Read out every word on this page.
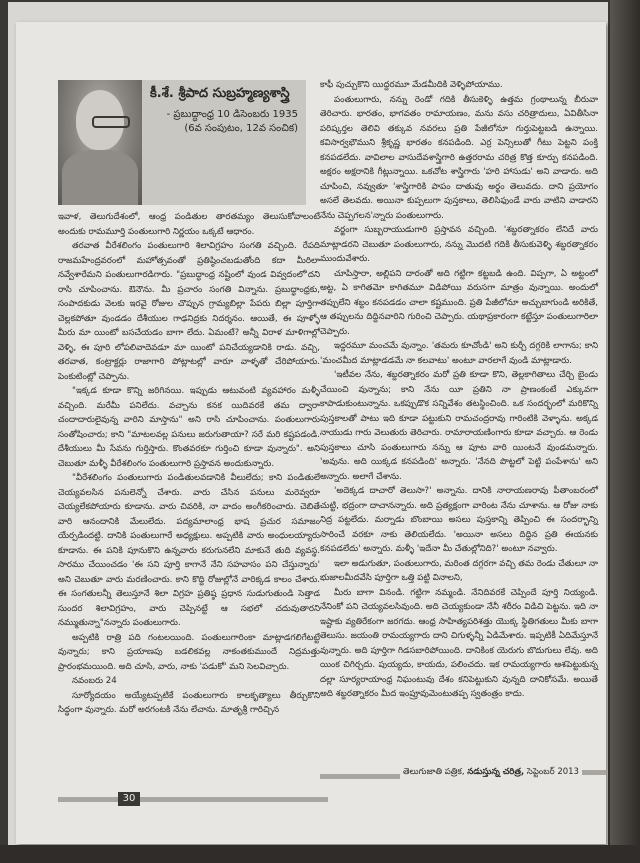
కీ.శే. శ్రీపాద సుబ్రహ్మణ్యశాస్త్రి
- ప్రబుద్ధాంధ్ర 10 డిసెంబరు 1935
(6వ సంపుటం, 12వ సంచిక)

ఇవాళ, తెలుగుదేశంలో, ఆంధ్ర పండితుల తారతమ్యం తెలుసుకోవాలంటే అందుకు రామమూర్తి పంతులుగారి నిర్ణయం ఒక్కటే ఆధారం.

తరవాత వీరేశలింగం పంతులుగారి శిలావిగ్రహం సంగతి వచ్చింది. రేపది రాజమహేంద్రవరంలో మహోత్సవంతో ప్రతిష్ఠించబడుతోంది కదా మీరిలా నవ్వేశారేమని పంతులుగారడిగారు. "ప్రబుద్ధాంధ్ర నష్టింలో వుండ వివ్వదంలో'దని రాసి చూపించాను. ఔనౌను. మీ ప్రచారం సంగతి విన్నాను. ప్రబుద్ధాంధ్రకు, సంపాదకుడు వెలకు ఇరవై రోజుల చొప్పున గ్రామ్యబిల్లా పేపరు బిల్లా పూర్తిగా చెల్లకపోతూ వుండడం దేశీయుల గాఢనిద్రకు నిదర్శనం. ఆయితే, ఈ పూళ్ళో మీరు మా యింటో బసచేయడం బాగా లేదు. ఏమంటే? అన్నీ విరాళ మాళిగాల్లో వెళ్ళి, ఈ పూరి లోపలివాదెవడూ మా యింటో పనిచేయ్యడానికి రాడు. వచ్చి, తరవాత, కంట్రాక్టర్లు రాజాగారి పోట్లాటల్లో వారూ వాళ్ళతో చేరిపోయారు. పెంకుటింట్లో చెప్పాను.

"ఇక్కడ కూడా కొన్ని జరిగినయి. ఇప్పుడు ఆటువంటి వ్యవహారం మళ్ళీ వచ్చింది. మరేమీ పనిలేదు. వచ్చాను కనక యిదివరకే తమ ద్వారా చందాదారులైవున్న వారిని మాస్తాను" అని రాసి చూపించాను. పంతులుగారు సంతోషించారు; కాని "మాటలవల్ల పనులు జరుగుతాయా? సరే మరి కష్టపడండి. దేశీయులు మీ సేవను గుర్తిస్తారు. కొంతవరకూ గుర్తించి కూడా వున్నారు". అని చెబుతూ మళ్ళీ వీరేశలింగం పంతులుగారి ప్రస్తావన అందుకున్నారు.

"వీరేశలింగం పంతులుగారు పండితులవడానికి వీలులేదు; కాని పండితులే చెయ్యవలసిన పనులెన్నో చేశారు. వారు చేసిన పనులు మరెవ్వరూ చెయ్యలేకపోయారు కూడాను. వారు చివరికి, నా వాదం అంగీకరించారు. చెబితే వారి ఆనందానికి మేలులేదు. పద్యమాలాంధ్ర భాష ప్రచుర సమాజం యేర్పడిందట్టి. దానికి పంతులుగారే అధ్యక్షులు. అప్పటికి వారు అంధులయ్యారు కూడాను. ఈ పనికి పూనుకొని ఉన్నవారు కరుగునలేని మాకునే తుది వ్యవస్థ. సారము చేయించడం 'ఈ సని పూర్తి కాగానే నేని సహవాసం పని చేస్తున్నారు' అని చెబుతూ వారు మరణించారు. కాని కొద్ది రోజుల్లోనే వారిక్కడ కాలం చేశారు. ఈ సంగతులన్నీ తెలుస్తూనే శిలా విగ్రహ ప్రతిష్ఠ ప్రధాన సుడుగుతుండి సెత్తాడ సుందర శిలావిగ్రహం, వారు చెప్పినట్టే ఆ సభలో చదువుతారని నమ్ముతున్నా"నన్నారు పంతులుగారు.

అప్పటికి రాత్రి పది గంటలయింది. పంతులుగారింకా మాట్లాడగలిగేటట్టే వున్నారు; కాని ప్రయాణపు బడలికవల్ల నాకంతకుముందే నిద్రమత్తు ప్రారంభమయింది. అది చూసి, వారు, నాకు 'పడుకో' మని సెలవిచ్చారు.

నవంబరు 24

సూర్యోదయం అయ్యేటప్పటికే పంతులుగారు కాలకృత్యాలు తీర్చుకొని సిద్ధంగా వున్నారు. మరో అరగంటకి నేను లేచాను. మాతృశ్రీ గారిచ్చిన

కాఫీ పుచ్చుకొని యిద్దరమూ మేడమీదికి వెళ్ళిపోయాము.

పంతులుగారు, నన్ను రెండో గదికి తీసుకెళ్ళి ఉత్తమ గ్రంథాలున్న బీరువా తెరిచారు. భారతం, భాగవతం రామాయణం, మను వసు చరిత్రాదులు, ఏవితీసినా పరిష్కర్తల తెలివి తక్కువ నవరలు ప్రతి పేజీలోనూ గుర్తుపెట్టబడి ఉన్నాయి. కవిసార్వభౌముని శ్రీకృష్ణ భారతం కనపడింది. ఎర్ర పెన్సిలుతో గీటు పెట్టని పంక్తి కనపడలేదు. వావిలాల వాసుదేవశాస్త్రిగారి ఉత్తరరామ చరిత్ర కొత్త కూర్పు కనపడింది. అక్షరం అక్షరానికి గీట్లున్నాయి. ఒకచోట శాస్త్రిగారు 'హరి హాసుడు' అని వాడారు. అది చూపించి, నవ్వుతూ 'శాస్త్రిగారికి పాపం దాతువు అర్థం తెలువదు. దాని ప్రయోగం అసలే తెలవదు. అయినా కుప్పలుగా పుస్తకాలు, తెలిసిఫుండే వారు వాటిని వాడారని నేను చెప్పగలన'న్నారు పంతులుగారు.

వర్జంగా సుబ్బరాయుడుగారి ప్రస్తావన వచ్చింది. 'శబ్దరత్నాకరం లేనిదే వారు మాట్లాడరని చెబుతూ పంతులుగారు, నన్ను మొదటి గదికి తీసుకువెళ్ళి శబ్దరత్నాకరం ముందువేశారు.

చూపిస్తారా, అల్లిపని దారంతో అది గట్టిగా కట్టబడి ఉంది. విప్పగా, ఏ అట్టంలో అట్ట, ఏ కాగితమో కాగితమూ విడిపోయి వరుసగా మాత్రం వున్నాయి. అందులో తప్పులేని శబ్దం కనపడడం చాలా కష్టముంది. ప్రతి పేజీలోనూ అచ్చుబాగుండి అరికితే, ఆ తప్పులను దిద్దినవారిని గురించి చెప్పారు. యథాప్రకారంగా కట్టేస్తూ పంతులుగారిలా చెప్పారు.

ఇద్దరమూ మంచమే వున్నాం. 'తమరు కూచోండి' అని కుర్చీ దగ్గరికి లాగాను; కాని 'మంచమీద మాట్లాడడమే నా కలవాటు' అంటూ వారలాగే వుండి మాట్లాడారు.

'ఇటీవల నేను, శబ్దరత్నాకరం మరో ప్రతి కూడా కొని, తెల్లకాగితాలు చేర్చి బైండు చేయించి వున్నాను; కాని నేను యీ ప్రతిని నా ప్రాణంకంటే ఎక్కువగా కాపాడుకుంటున్నాను. ఒకప్పుడొక సన్నివేశం తటస్థించింది. ఒక సందర్భంలో మరికొన్ని పుస్తకాలతో పాటు ఇది కూడా పట్టుకుని రామచంద్రరావు గారింటికి వెళ్ళాను. అక్కడ నాయుడు గారు వెలుతురు తెరిచారు. రామారాయణింగారు కూడా వచ్చారు. ఆ రెండు పుస్తకాలు చూసి పంతులుగారు నన్ను ఆ పూట వారి యింటనే వుండమన్నారు. 'అవును. అది యిక్కడ కనపడింది' అన్నారు. 'నేనది పొట్టలో పెట్టి పంపేశాను' అని అన్నారు. అలాగే చేశాను.

'అదెక్కడ దాచారో తెలుసా?' అన్నాను. దానికి నారాయణరావు పీతాంబరంలో చుట్టి, భద్రంగా దాచానన్నారు. అది ప్రత్యక్షంగా వారింట నేను చూశాను. ఆ రోజు నాకు నిద్ర పట్టలేదు. మర్నాడు బొంబాయి అసలు పుస్తకాన్ని తెప్పించి ఈ సందర్భాన్ని సారించే వరకూ నాకు తెలియలేదు. 'అయినా అసలు దిద్దిన ప్రతి ఈయనకు కనపడలేదు' అన్నారు. మళ్ళీ 'ఇదేనా మీ చేతుల్లోనిది?' అంటూ నవ్వారు.

ఇలా అడుగుతూ, పంతులుగారు, మరింత దగ్గరగా వచ్చి తమ రెండు చేతులూ నా భుజాలమీదవేసి పూర్తిగా ఒత్తి పట్టి వినాలని,

మీరు బాగా వినండి. గట్టిగా నమ్మండి. నేనిదివరకే చెప్పిందే పూర్తి నియ్యండి. నేనింకో పని చెయ్యవలసివుంది. అది చెయ్యకుండా నేనీ శరీరం విడిచి పెట్టను. ఇది నా ఇష్టాకు వ్యతిరేకంగా జరగదు. ఆంధ్ర సాహిత్యపరిశత్తు యొక్క స్థితిగతులు మీకు బాగా తెలుసు. జయంతి రామయ్యగారు దాని చిగుళ్ళన్నీ ఏడిమేశారు. ఇప్పటికీ ఏదిమేస్తూనే వున్నారు. అది పూర్తిగా గిడసబారిపోయింది. దానికింక యెరుగు బొదుగులు లేవు. అది యింక చిగిర్చదు. పుయ్యదు, కాయదు, పలించదు. ఇక రామయ్యగారు ఆశపెట్టుకున్న దల్లా సూర్యరాయాంధ్ర నిఘంటువు దేశం కనిపెట్టుకుని వున్నది దానికోసమే. అయితే అది శబ్దరత్నాకరం మీద ఇంప్రూవుమెంటుతప్ప స్వతంత్రం కాదు.

30
తెలుగుజాతి పత్రిక, నడుస్తున్న చరిత్ర, సెప్టెంబర్ 2013
